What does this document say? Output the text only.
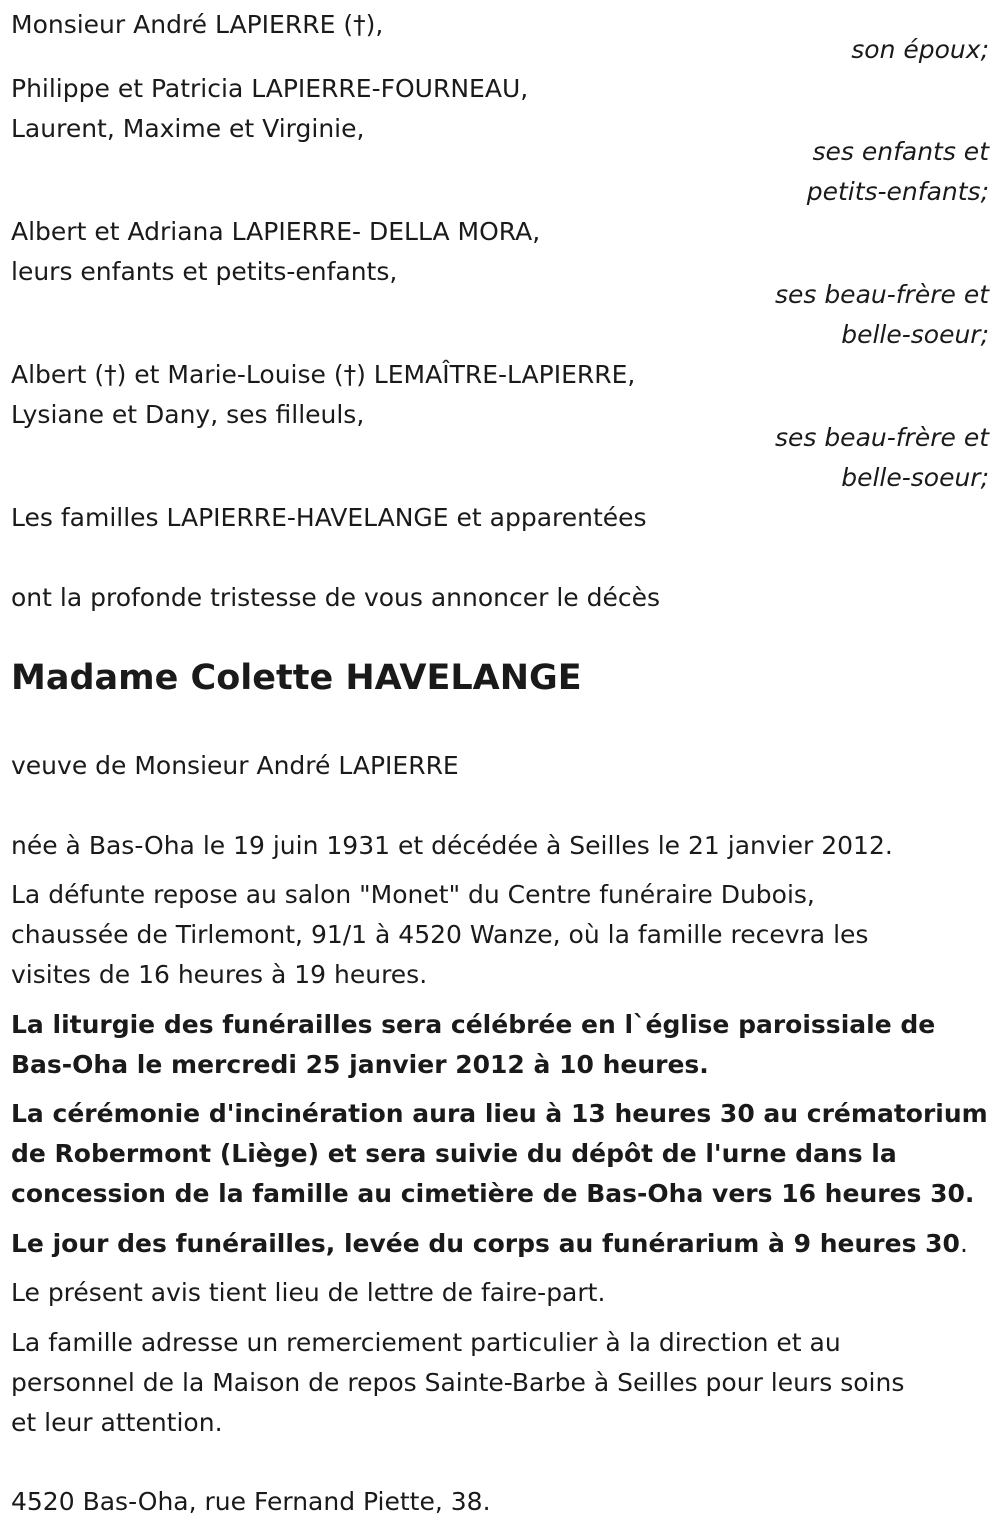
Monsieur André LAPIERRE (†),
son époux;
Philippe et Patricia LAPIERRE-FOURNEAU,
Laurent, Maxime et Virginie,
ses enfants et
petits-enfants;
Albert et Adriana LAPIERRE- DELLA MORA,
leurs enfants et petits-enfants,
ses beau-frère et
belle-soeur;
Albert (†) et Marie-Louise (†) LEMAÎTRE-LAPIERRE,
Lysiane et Dany, ses filleuls,
ses beau-frère et
belle-soeur;
Les familles LAPIERRE-HAVELANGE et apparentées
ont la profonde tristesse de vous annoncer le décès
Madame Colette HAVELANGE
veuve de Monsieur André LAPIERRE
née à Bas-Oha le 19 juin 1931 et décédée à Seilles le 21 janvier 2012.
La défunte repose au salon "Monet" du Centre funéraire Dubois,
chaussée de Tirlemont, 91/1 à 4520 Wanze, où la famille recevra les
visites de 16 heures à 19 heures.
La liturgie des funérailles sera célébrée en l`église paroissiale de
Bas-Oha le mercredi 25 janvier 2012 à 10 heures.
La cérémonie d'incinération aura lieu à 13 heures 30 au crématorium
de Robermont (Liège) et sera suivie du dépôt de l'urne dans la
concession de la famille au cimetière de Bas-Oha vers 16 heures 30.
Le jour des funérailles, levée du corps au funérarium à 9 heures 30.
Le présent avis tient lieu de lettre de faire-part.
La famille adresse un remerciement particulier à la direction et au
personnel de la Maison de repos Sainte-Barbe à Seilles pour leurs soins
et leur attention.
4520 Bas-Oha, rue Fernand Piette, 38.
